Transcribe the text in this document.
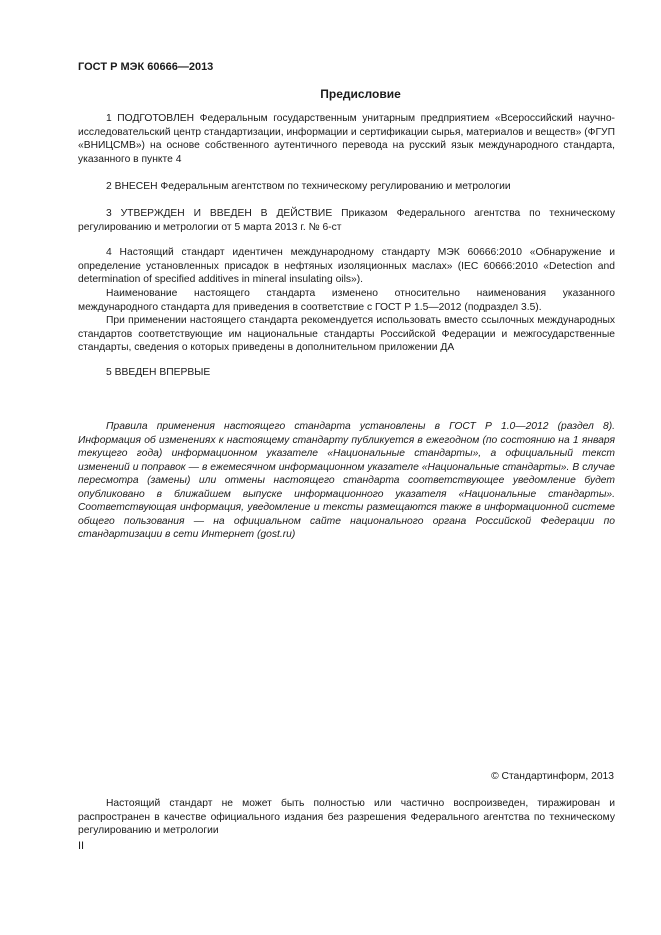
ГОСТ Р МЭК 60666—2013
Предисловие

1 ПОДГОТОВЛЕН Федеральным государственным унитарным предприятием «Всероссийский научно-исследовательский центр стандартизации, информации и сертификации сырья, материалов и веществ» (ФГУП «ВНИЦСМВ») на основе собственного аутентичного перевода на русский язык международного стандарта, указанного в пункте 4

2 ВНЕСЕН Федеральным агентством по техническому регулированию и метрологии

3 УТВЕРЖДЕН И ВВЕДЕН В ДЕЙСТВИЕ Приказом Федерального агентства по техническому регулированию и метрологии от 5 марта 2013 г. № 6-ст

4 Настоящий стандарт идентичен международному стандарту МЭК 60666:2010 «Обнаружение и определение установленных присадок в нефтяных изоляционных маслах» (IEC 60666:2010 «Detection and determination of specified additives in mineral insulating oils»).

Наименование настоящего стандарта изменено относительно наименования указанного международного стандарта для приведения в соответствие с ГОСТ Р 1.5—2012 (подраздел 3.5).

При применении настоящего стандарта рекомендуется использовать вместо ссылочных международных стандартов соответствующие им национальные стандарты Российской Федерации и межгосударственные стандарты, сведения о которых приведены в дополнительном приложении ДА

5 ВВЕДЕН ВПЕРВЫЕ

Правила применения настоящего стандарта установлены в ГОСТ Р 1.0—2012 (раздел 8). Информация об изменениях к настоящему стандарту публикуется в ежегодном (по состоянию на 1 января текущего года) информационном указателе «Национальные стандарты», а официальный текст изменений и поправок — в ежемесячном информационном указателе «Национальные стандарты». В случае пересмотра (замены) или отмены настоящего стандарта соответствующее уведомление будет опубликовано в ближайшем выпуске информационного указателя «Национальные стандарты». Соответствующая информация, уведомление и тексты размещаются также в информационной системе общего пользования — на официальном сайте национального органа Российской Федерации по стандартизации в сети Интернет (gost.ru)

© Стандартинформ, 2013

Настоящий стандарт не может быть полностью или частично воспроизведен, тиражирован и распространен в качестве официального издания без разрешения Федерального агентства по техническому регулированию и метрологии

II
